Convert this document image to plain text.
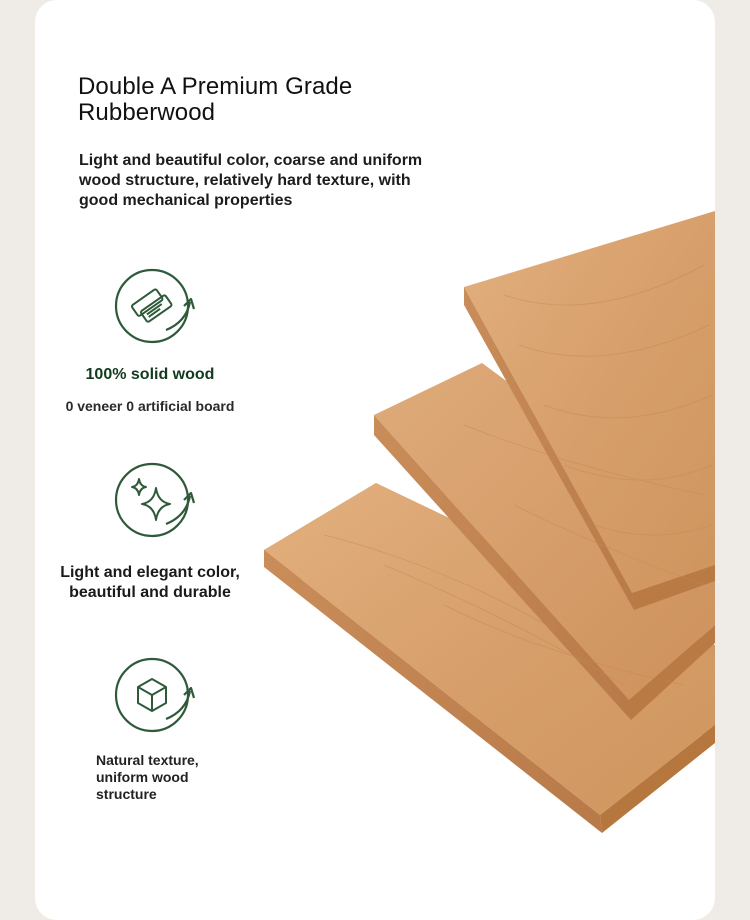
Double A Premium Grade Rubberwood

Light and beautiful color, coarse and uniform wood structure, relatively hard texture, with good mechanical properties

100% solid wood

0 veneer 0 artificial board

Light and elegant color, beautiful and durable

Natural texture, uniform wood structure
